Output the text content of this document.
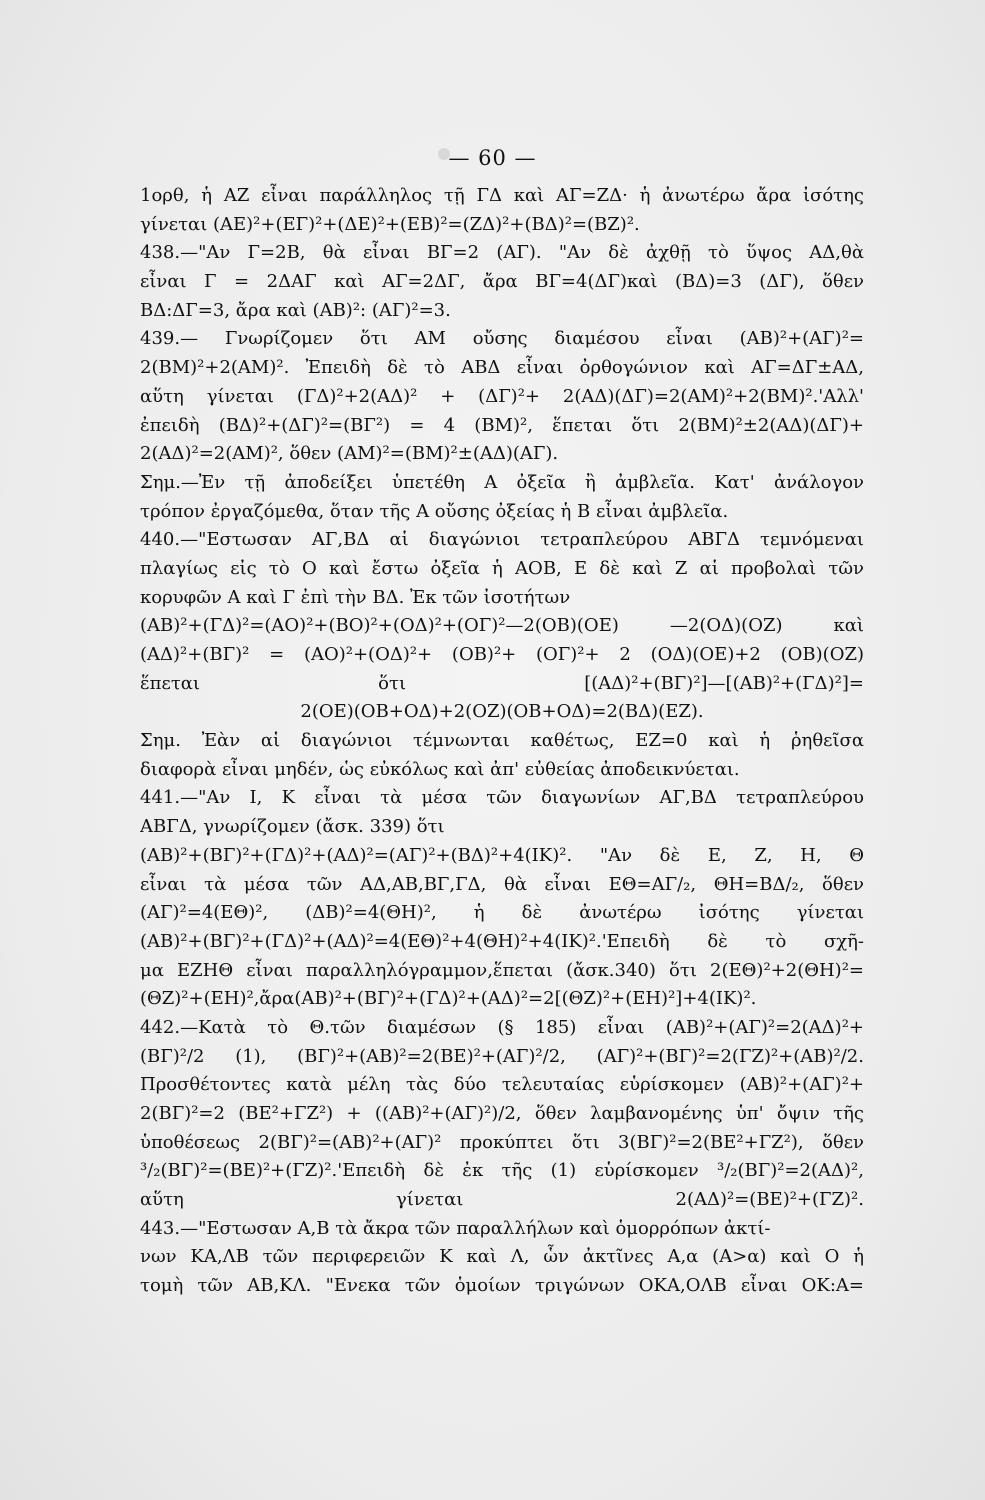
— 60 —
1ορθ, ἡ ΑΖ εἶναι παράλληλος τῇ ΓΔ καὶ ΑΓ=ΖΔ· ἡ ἀνωτέρω ἄρα ἰσότης
γίνεται (ΑΕ)²+(ΕΓ)²+(ΔΕ)²+(ΕΒ)²=(ΖΔ)²+(ΒΔ)²=(ΒΖ)².
438.—"Αν Γ=2Β, θὰ εἶναι ΒΓ=2 (ΑΓ). "Αν δὲ ἀχθῇ τὸ ὕψος ΑΔ,θὰ
εἶναι Γ = 2ΔΑΓ καὶ ΑΓ=2ΔΓ, ἄρα ΒΓ=4(ΔΓ)καὶ (ΒΔ)=3 (ΔΓ), ὅθεν
ΒΔ:ΔΓ=3, ἄρα καὶ (ΑΒ)²: (ΑΓ)²=3.
439.— Γνωρίζομεν ὅτι ΑΜ οὔσης διαμέσου εἶναι (ΑΒ)²+(ΑΓ)²=
2(ΒΜ)²+2(ΑΜ)². Ἐπειδὴ δὲ τὸ ΑΒΔ εἶναι ὀρθογώνιον καὶ ΑΓ=ΔΓ±ΑΔ,
αὕτη γίνεται (ΓΔ)²+2(ΑΔ)² + (ΔΓ)²+ 2(ΑΔ)(ΔΓ)=2(ΑΜ)²+2(ΒΜ)².'Αλλ'
ἐπειδὴ (ΒΔ)²+(ΔΓ)²=(ΒΓ²) = 4 (ΒΜ)², ἕπεται ὅτι 2(ΒΜ)²±2(ΑΔ)(ΔΓ)+
2(ΑΔ)²=2(ΑΜ)², ὅθεν (ΑΜ)²=(ΒΜ)²±(ΑΔ)(ΑΓ).
Σημ.—Ἐν τῇ ἀποδείξει ὑπετέθη Α ὀξεῖα ἢ ἀμβλεῖα. Κατ' ἀνάλογον
τρόπον ἐργαζόμεθα, ὅταν τῆς Α οὔσης ὀξείας ἡ Β εἶναι ἀμβλεῖα.
440.—"Εστωσαν ΑΓ,ΒΔ αἱ διαγώνιοι τετραπλεύρου ΑΒΓΔ τεμνόμεναι
πλαγίως εἰς τὸ Ο καὶ ἔστω ὀξεῖα ἡ ΑΟΒ, Ε δὲ καὶ Ζ αἱ προβολαὶ τῶν
κορυφῶν Α καὶ Γ ἐπὶ τὴν ΒΔ. Ἐκ τῶν ἰσοτήτων
(ΑΒ)²+(ΓΔ)²=(ΑΟ)²+(ΒΟ)²+(ΟΔ)²+(ΟΓ)²—2(ΟΒ)(ΟΕ) —2(ΟΔ)(ΟΖ) καὶ
(ΑΔ)²+(ΒΓ)² = (ΑΟ)²+(ΟΔ)²+ (ΟΒ)²+ (ΟΓ)²+ 2 (ΟΔ)(ΟΕ)+2 (ΟΒ)(ΟΖ)
ἕπεται ὅτι [(ΑΔ)²+(ΒΓ)²]—[(ΑΒ)²+(ΓΔ)²]=
2(ΟΕ)(ΟΒ+ΟΔ)+2(ΟΖ)(ΟΒ+ΟΔ)=2(ΒΔ)(ΕΖ).
Σημ. Ἐὰν αἱ διαγώνιοι τέμνωνται καθέτως, ΕΖ=0 καὶ ἡ ῥηθεῖσα
διαφορὰ εἶναι μηδέν, ὡς εὐκόλως καὶ ἀπ' εὐθείας ἀποδεικνύεται.
441.—"Αν Ι, Κ εἶναι τὰ μέσα τῶν διαγωνίων ΑΓ,ΒΔ τετραπλεύρου
ΑΒΓΔ, γνωρίζομεν (ἄσκ. 339) ὅτι
(ΑΒ)²+(ΒΓ)²+(ΓΔ)²+(ΑΔ)²=(ΑΓ)²+(ΒΔ)²+4(ΙΚ)². "Αν δὲ Ε, Ζ, Η, Θ
εἶναι τὰ μέσα τῶν ΑΔ,ΑΒ,ΒΓ,ΓΔ, θὰ εἶναι ΕΘ=ΑΓ/₂, ΘΗ=ΒΔ/₂, ὅθεν
(ΑΓ)²=4(ΕΘ)², (ΔΒ)²=4(ΘΗ)², ἡ δὲ ἀνωτέρω ἰσότης γίνεται
(ΑΒ)²+(ΒΓ)²+(ΓΔ)²+(ΑΔ)²=4(ΕΘ)²+4(ΘΗ)²+4(ΙΚ)².'Επειδὴ δὲ τὸ σχῆ-
μα ΕΖΗΘ εἶναι παραλληλόγραμμον,ἕπεται (ἄσκ.340) ὅτι 2(ΕΘ)²+2(ΘΗ)²=
(ΘΖ)²+(ΕΗ)²,ἄρα(ΑΒ)²+(ΒΓ)²+(ΓΔ)²+(ΑΔ)²=2[(ΘΖ)²+(ΕΗ)²]+4(ΙΚ)².
442.—Κατὰ τὸ Θ.τῶν διαμέσων (§ 185) εἶναι (ΑΒ)²+(ΑΓ)²=2(ΑΔ)²+
(ΒΓ)²/2 (1), (ΒΓ)²+(ΑΒ)²=2(ΒΕ)²+(ΑΓ)²/2, (ΑΓ)²+(ΒΓ)²=2(ΓΖ)²+(ΑΒ)²/2.
Προσθέτοντες κατὰ μέλη τὰς δύο τελευταίας εὑρίσκομεν (ΑΒ)²+(ΑΓ)²+
2(ΒΓ)²=2 (ΒΕ²+ΓΖ²) + ((ΑΒ)²+(ΑΓ)²)/2, ὅθεν λαμβανομένης ὑπ' ὄψιν τῆς
ὑποθέσεως 2(ΒΓ)²=(ΑΒ)²+(ΑΓ)² προκύπτει ὅτι 3(ΒΓ)²=2(ΒΕ²+ΓΖ²), ὅθεν
³/₂(ΒΓ)²=(ΒΕ)²+(ΓΖ)².'Επειδὴ δὲ ἐκ τῆς (1) εὑρίσκομεν ³/₂(ΒΓ)²=2(ΑΔ)²,
αὕτη γίνεται 2(ΑΔ)²=(ΒΕ)²+(ΓΖ)².
443.—"Εστωσαν Α,Β τὰ ἄκρα τῶν παραλλήλων καὶ ὁμορρόπων ἀκτί-
νων ΚΑ,ΛΒ τῶν περιφερειῶν Κ καὶ Λ, ὧν ἀκτῖνες Α,α (Α>α) καὶ Ο ἡ
τομὴ τῶν ΑΒ,ΚΛ. "Ενεκα τῶν ὁμοίων τριγώνων ΟΚΑ,ΟΛΒ εἶναι ΟΚ:Α=
